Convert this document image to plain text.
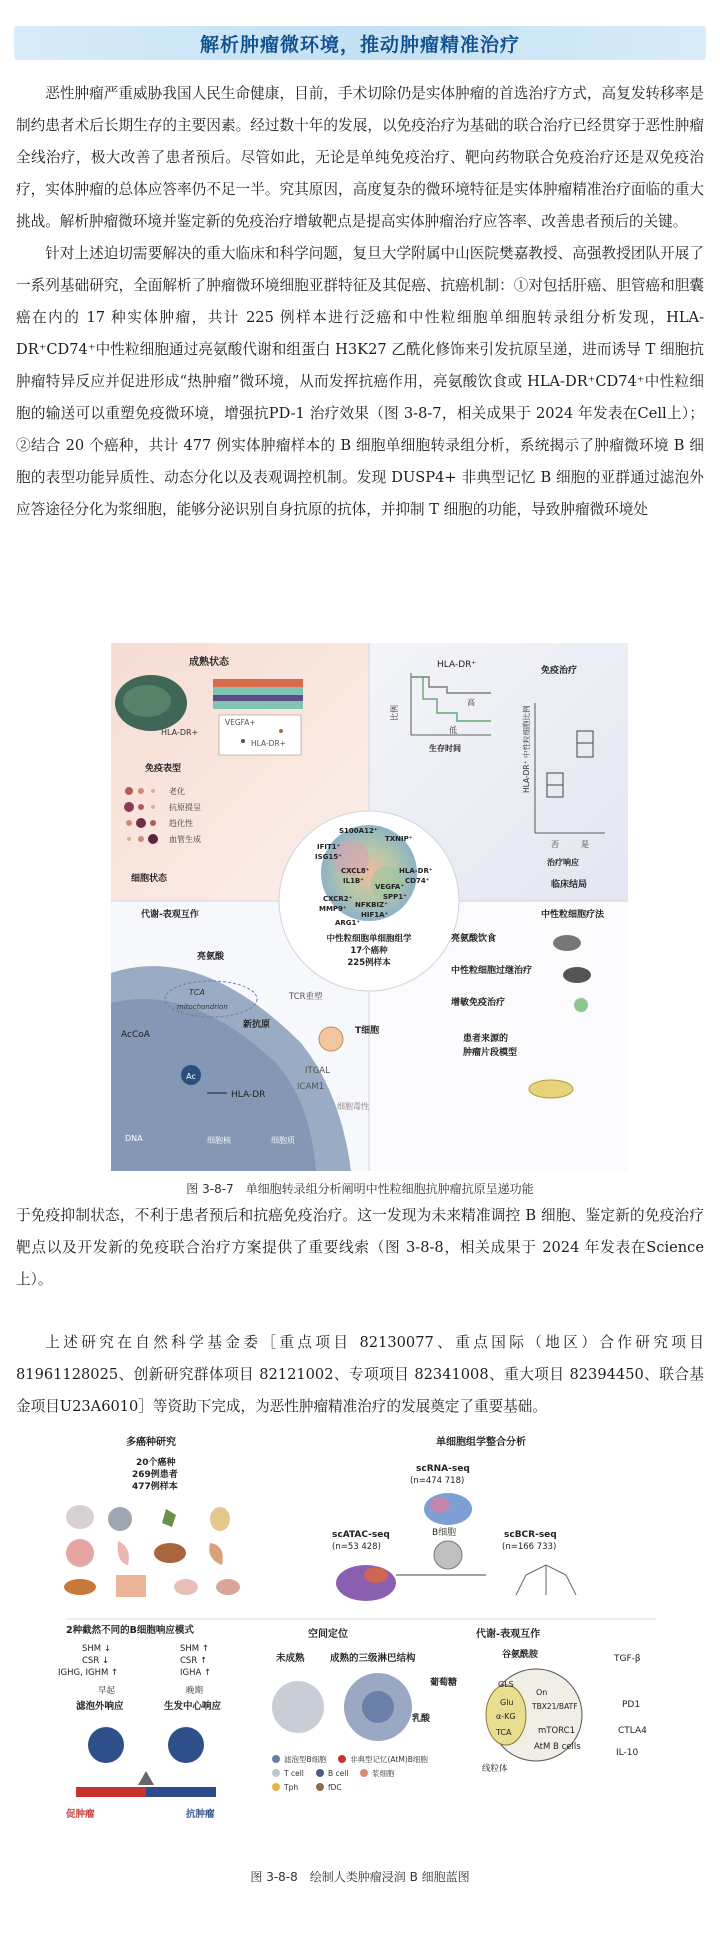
解析肿瘤微环境，推动肿瘤精准治疗

恶性肿瘤严重威胁我国人民生命健康，目前，手术切除仍是实体肿瘤的首选治疗方式，高复发转移率是制约患者术后长期生存的主要因素。经过数十年的发展，以免疫治疗为基础的联合治疗已经贯穿于恶性肿瘤全线治疗，极大改善了患者预后。尽管如此，无论是单纯免疫治疗、靶向药物联合免疫治疗还是双免疫治疗，实体肿瘤的总体应答率仍不足一半。究其原因，高度复杂的微环境特征是实体肿瘤精准治疗面临的重大挑战。解析肿瘤微环境并鉴定新的免疫治疗增敏靶点是提高实体肿瘤治疗应答率、改善患者预后的关键。

针对上述迫切需要解决的重大临床和科学问题，复旦大学附属中山医院樊嘉教授、高强教授团队开展了一系列基础研究，全面解析了肿瘤微环境细胞亚群特征及其促癌、抗癌机制：①对包括肝癌、胆管癌和胆囊癌在内的 17 种实体肿瘤，共计 225 例样本进行泛癌和中性粒细胞单细胞转录组分析发现，HLA-DR⁺CD74⁺中性粒细胞通过亮氨酸代谢和组蛋白 H3K27 乙酰化修饰来引发抗原呈递，进而诱导 T 细胞抗肿瘤特异反应并促进形成“热肿瘤”微环境，从而发挥抗癌作用，亮氨酸饮食或 HLA-DR⁺CD74⁺中性粒细胞的输送可以重塑免疫微环境，增强抗PD-1 治疗效果（图 3-8-7，相关成果于 2024 年发表在Cell上）；②结合 20 个癌种，共计 477 例实体肿瘤样本的 B 细胞单细胞转录组分析，系统揭示了肿瘤微环境 B 细胞的表型功能异质性、动态分化以及表观调控机制。发现 DUSP4+ 非典型记忆 B 细胞的亚群通过滤泡外应答途径分化为浆细胞，能够分泌识别自身抗原的抗体，并抑制 T 细胞的功能，导致肿瘤微环境处

成熟状态
HLA-DR+
VEGFA+
HLA-DR+
免疫表型
老化
抗原提呈
趋化性
血管生成
细胞状态
HLA-DR⁺
高
低
比例
生存时间
免疫治疗
HLA-DR⁺ 中性粒细胞比例
否	是
治疗响应
临床结局
S100A12⁺
TXNIP⁺
IFIT1⁺
ISG15⁺
CXCL8⁺
IL1B⁺
HLA-DR⁺
CD74⁺
VEGFA⁺
SPP1⁺
CXCR2⁺
MMP9⁺ NFKBIZ⁺
HIF1A⁺
ARG1⁺
中性粒细胞单细胞组学
17个癌种
225例样本
代谢-表观互作
亮氨酸
TCA
mitochondrion
AcCoA
Ac
HLA-DR
DNA	细胞核	细胞质
新抗原
TCR重塑
T细胞
ITGAL
ICAM1
细胞毒性
中性粒细胞疗法
亮氨酸饮食
中性粒细胞过继治疗
增敏免疫治疗
患者来源的
肿瘤片段模型
图 3-8-7　单细胞转录组分析阐明中性粒细胞抗肿瘤抗原呈递功能

于免疫抑制状态，不利于患者预后和抗癌免疫治疗。这一发现为未来精准调控 B 细胞、鉴定新的免疫治疗靶点以及开发新的免疫联合治疗方案提供了重要线索（图 3-8-8，相关成果于 2024 年发表在Science上）。

上述研究在自然科学基金委［重点项目 82130077、重点国际（地区）合作研究项目 81961128025、创新研究群体项目 82121002、专项项目 82341008、重大项目 82394450、联合基金项目U23A6010］等资助下完成，为恶性肿瘤精准治疗的发展奠定了重要基础。

多癌种研究
20个癌种
269例患者
477例样本
单细胞组学整合分析
scRNA-seq
(n=474 718)
scATAC-seq
(n=53 428)
B细胞	scBCR-seq
(n=166 733)
2种截然不同的B细胞响应模式
SHM ↓
CSR ↓
IGHG, IGHM ↑
SHM ↑
CSR ↑
IGHA ↑
早起	晚期
滤泡外响应	生发中心响应
促肿瘤	抗肿瘤
空间定位
未成熟	成熟的三级淋巴结构
滤泡型B细胞	非典型记忆(AtM)B细胞
T cell	B cell	浆细胞
Tph	fDC
代谢-表观互作
谷氨酰胺
葡萄糖	GLS
Glu
α-KG
TCA
乳酸
线粒体
On
TBX21/BATF
mTORC1
AtM B cells
TGF-β
PD1
CTLA4
IL-10
图 3-8-8　绘制人类肿瘤浸润 B 细胞蓝图
